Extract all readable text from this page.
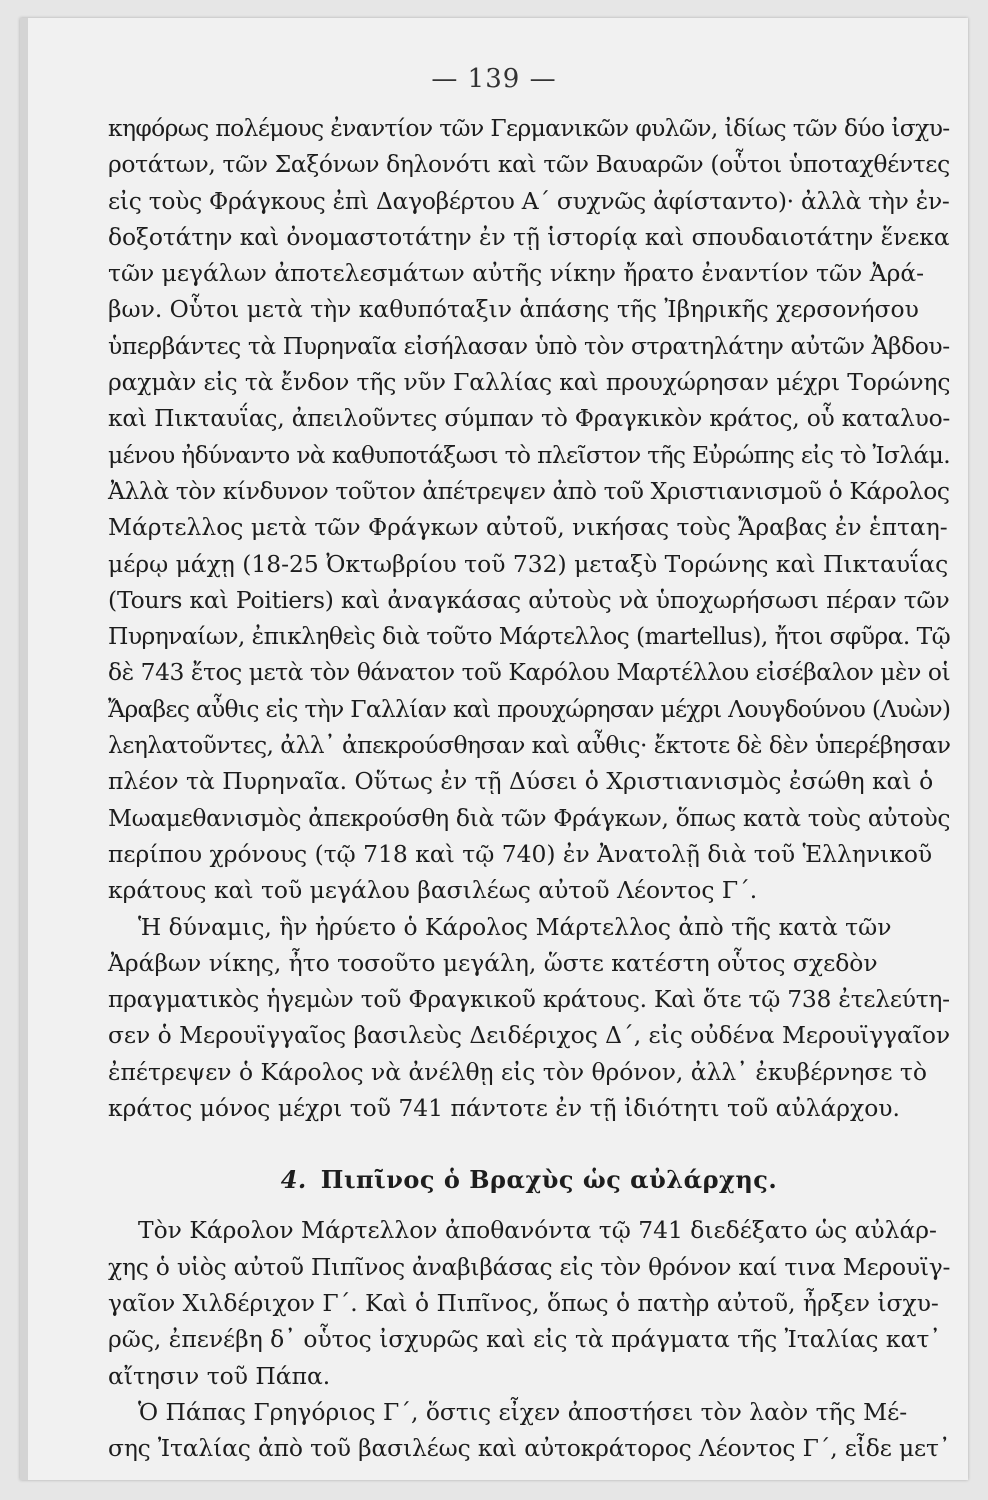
— 139 —
κηφόρως πολέμους ἐναντίον τῶν Γερμανικῶν φυλῶν, ἰδίως τῶν δύο ἰσχυ-
ροτάτων, τῶν Σαξόνων δηλονότι καὶ τῶν Βαυαρῶν (οὗτοι ὑποταχθέντες
εἰς τοὺς Φράγκους ἐπὶ Δαγοβέρτου Α΄ συχνῶς ἀφίσταντο)· ἀλλὰ τὴν ἐν-
δοξοτάτην καὶ ὀνομαστοτάτην ἐν τῇ ἱστορίᾳ καὶ σπουδαιοτάτην ἕνεκα
τῶν μεγάλων ἀποτελεσμάτων αὐτῆς νίκην ἤρατο ἐναντίον τῶν Ἀρά-
βων. Οὗτοι μετὰ τὴν καθυπόταξιν ἁπάσης τῆς Ἰβηρικῆς χερσονήσου
ὑπερβάντες τὰ Πυρηναῖα εἰσήλασαν ὑπὸ τὸν στρατηλάτην αὐτῶν Ἀβδου-
ραχμὰν εἰς τὰ ἔνδον τῆς νῦν Γαλλίας καὶ προυχώρησαν μέχρι Τορώνης
καὶ Πικταυΐας, ἀπειλοῦντες σύμπαν τὸ Φραγκικὸν κράτος, οὗ καταλυο-
μένου ἠδύναντο νὰ καθυποτάξωσι τὸ πλεῖστον τῆς Εὐρώπης εἰς τὸ Ἰσλάμ.
Ἀλλὰ τὸν κίνδυνον τοῦτον ἀπέτρεψεν ἀπὸ τοῦ Χριστιανισμοῦ ὁ Κάρολος
Μάρτελλος μετὰ τῶν Φράγκων αὐτοῦ, νικήσας τοὺς Ἄραβας ἐν ἑπταη-
μέρῳ μάχῃ (18-25 Ὀκτωβρίου τοῦ 732) μεταξὺ Τορώνης καὶ Πικταυΐας
(Tours καὶ Poitiers) καὶ ἀναγκάσας αὐτοὺς νὰ ὑποχωρήσωσι πέραν τῶν
Πυρηναίων, ἐπικληθεὶς διὰ τοῦτο Μάρτελλος (martellus), ἤτοι σφῦρα. Τῷ
δὲ 743 ἔτος μετὰ τὸν θάνατον τοῦ Καρόλου Μαρτέλλου εἰσέβαλον μὲν οἱ
Ἄραβες αὖθις εἰς τὴν Γαλλίαν καὶ προυχώρησαν μέχρι Λουγδούνου (Λυὼν)
λεηλατοῦντες, ἀλλ᾽ ἀπεκρούσθησαν καὶ αὖθις· ἔκτοτε δὲ δὲν ὑπερέβησαν
πλέον τὰ Πυρηναῖα. Οὕτως ἐν τῇ Δύσει ὁ Χριστιανισμὸς ἐσώθη καὶ ὁ
Μωαμεθανισμὸς ἀπεκρούσθη διὰ τῶν Φράγκων, ὅπως κατὰ τοὺς αὐτοὺς
περίπου χρόνους (τῷ 718 καὶ τῷ 740) ἐν Ἀνατολῇ διὰ τοῦ Ἑλληνικοῦ
κράτους καὶ τοῦ μεγάλου βασιλέως αὐτοῦ Λέοντος Γ΄.
Ἡ δύναμις, ἣν ἠρύετο ὁ Κάρολος Μάρτελλος ἀπὸ τῆς κατὰ τῶν
Ἀράβων νίκης, ἦτο τοσοῦτο μεγάλη, ὥστε κατέστη οὗτος σχεδὸν
πραγματικὸς ἡγεμὼν τοῦ Φραγκικοῦ κράτους. Καὶ ὅτε τῷ 738 ἐτελεύτη-
σεν ὁ Μερουϊγγαῖος βασιλεὺς Δειδέριχος Δ΄, εἰς οὐδένα Μερουϊγγαῖον
ἐπέτρεψεν ὁ Κάρολος νὰ ἀνέλθῃ εἰς τὸν θρόνον, ἀλλ᾽ ἐκυβέρνησε τὸ
κράτος μόνος μέχρι τοῦ 741 πάντοτε ἐν τῇ ἰδιότητι τοῦ αὐλάρχου.
4. Πιπῖνος ὁ Βραχὺς ὡς αὐλάρχης.
Τὸν Κάρολον Μάρτελλον ἀποθανόντα τῷ 741 διεδέξατο ὡς αὐλάρ-
χης ὁ υἱὸς αὐτοῦ Πιπῖνος ἀναβιβάσας εἰς τὸν θρόνον καί τινα Μερουϊγ-
γαῖον Χιλδέριχον Γ΄. Καὶ ὁ Πιπῖνος, ὅπως ὁ πατὴρ αὐτοῦ, ἦρξεν ἰσχυ-
ρῶς, ἐπενέβη δ᾽ οὗτος ἰσχυρῶς καὶ εἰς τὰ πράγματα τῆς Ἰταλίας κατ᾽
αἴτησιν τοῦ Πάπα.
Ὁ Πάπας Γρηγόριος Γ΄, ὅστις εἶχεν ἀποστήσει τὸν λαὸν τῆς Μέ-
σης Ἰταλίας ἀπὸ τοῦ βασιλέως καὶ αὐτοκράτορος Λέοντος Γ΄, εἶδε μετ᾽
